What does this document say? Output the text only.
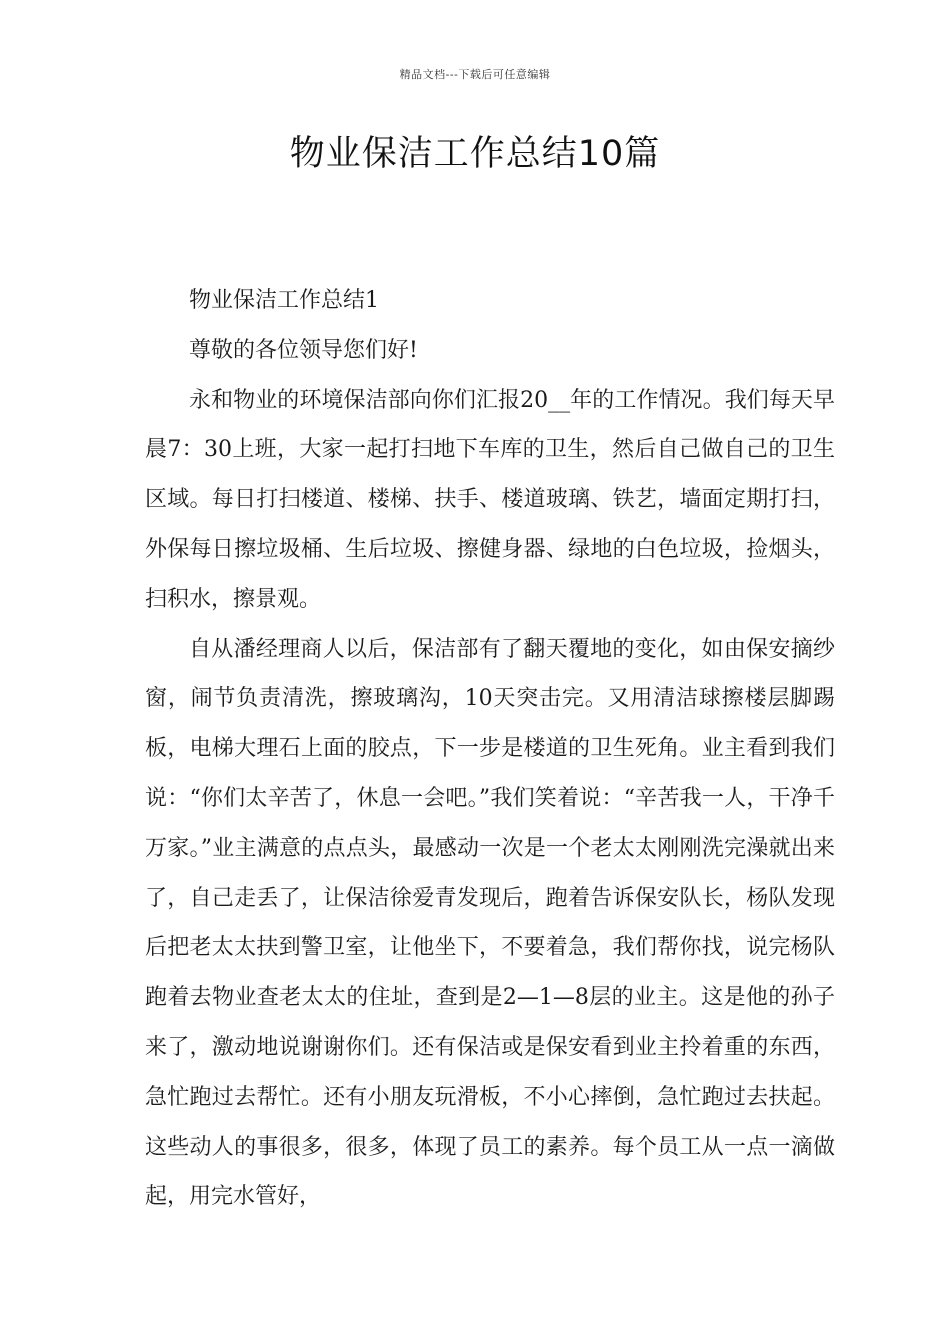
精品文档---下载后可任意编辑
物业保洁工作总结10篇

物业保洁工作总结1

尊敬的各位领导您们好!

永和物业的环境保洁部向你们汇报20__年的工作情况。我们每天早晨7：30上班，大家一起打扫地下车库的卫生，然后自己做自己的卫生区域。每日打扫楼道、楼梯、扶手、楼道玻璃、铁艺，墙面定期打扫，外保每日擦垃圾桶、生后垃圾、擦健身器、绿地的白色垃圾，捡烟头，扫积水，擦景观。

自从潘经理商人以后，保洁部有了翻天覆地的变化，如由保安摘纱窗，闹节负责清洗，擦玻璃沟，10天突击完。又用清洁球擦楼层脚踢板，电梯大理石上面的胶点，下一步是楼道的卫生死角。业主看到我们说：“你们太辛苦了，休息一会吧。”我们笑着说：“辛苦我一人，干净千万家。”业主满意的点点头，最感动一次是一个老太太刚刚洗完澡就出来了，自己走丢了，让保洁徐爱青发现后，跑着告诉保安队长，杨队发现后把老太太扶到警卫室，让他坐下，不要着急，我们帮你找，说完杨队跑着去物业查老太太的住址，查到是2—1—8层的业主。这是他的孙子来了，激动地说谢谢你们。还有保洁或是保安看到业主拎着重的东西，急忙跑过去帮忙。还有小朋友玩滑板，不小心摔倒，急忙跑过去扶起。这些动人的事很多，很多，体现了员工的素养。每个员工从一点一滴做起，用完水管好，
